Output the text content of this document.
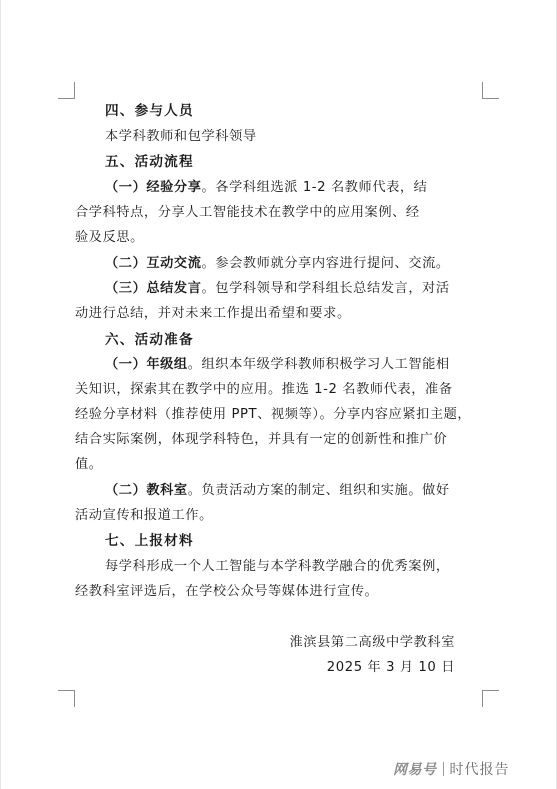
四、参与人员
本学科教师和包学科领导
五、活动流程
（一）经验分享。各学科组选派 1-2 名教师代表，结
合学科特点，分享人工智能技术在教学中的应用案例、经
验及反思。
（二）互动交流。参会教师就分享内容进行提问、交流。
（三）总结发言。包学科领导和学科组长总结发言，对活
动进行总结，并对未来工作提出希望和要求。
六、活动准备
（一）年级组。组织本年级学科教师积极学习人工智能相
关知识，探索其在教学中的应用。推选 1-2 名教师代表，准备
经验分享材料（推荐使用 PPT、视频等）。分享内容应紧扣主题，
结合实际案例，体现学科特色，并具有一定的创新性和推广价
值。
（二）教科室。负责活动方案的制定、组织和实施。做好
活动宣传和报道工作。
七、上报材料
每学科形成一个人工智能与本学科教学融合的优秀案例，
经教科室评选后，在学校公众号等媒体进行宣传。
淮滨县第二高级中学教科室
2025 年 3 月 10 日
网易号 时代报告
